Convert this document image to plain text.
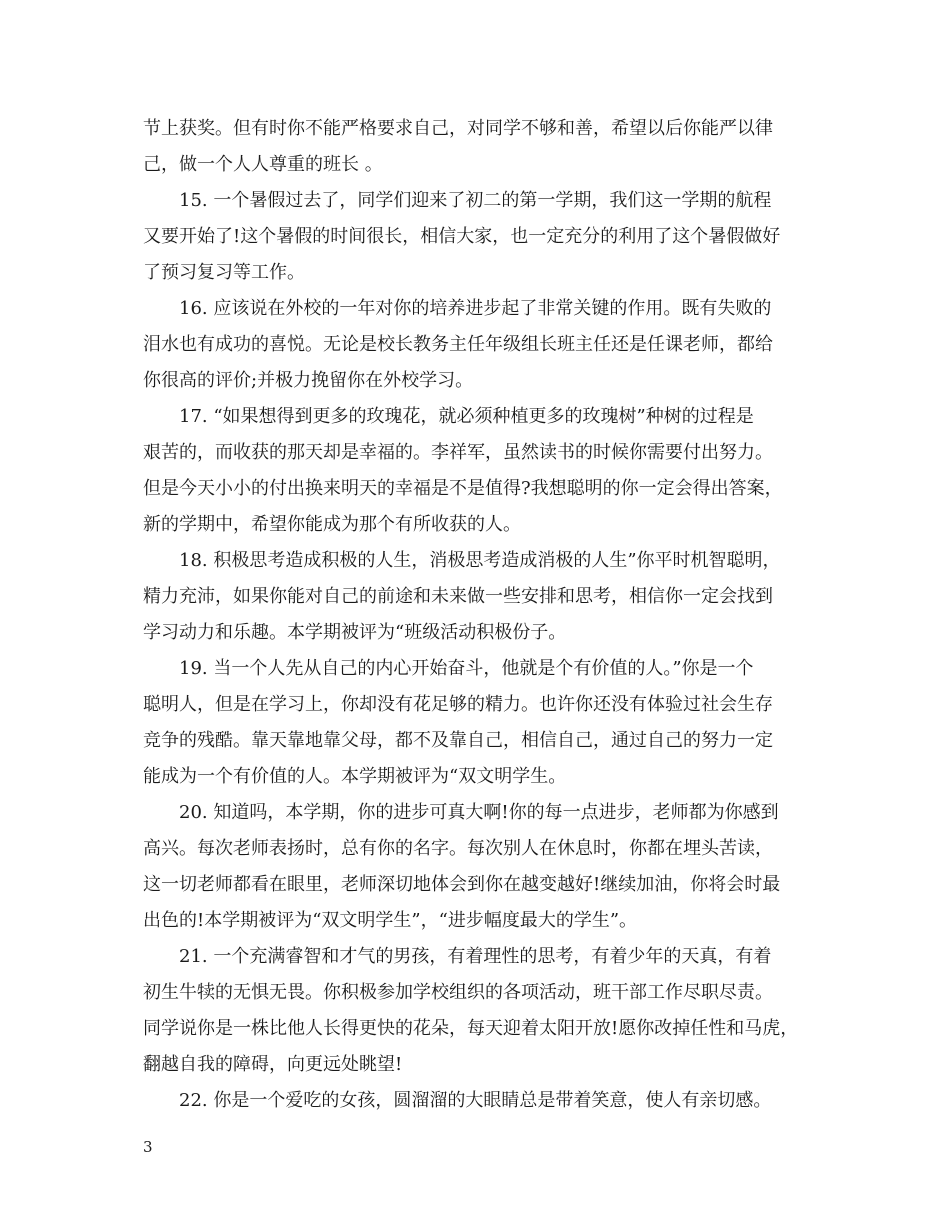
节上获奖。但有时你不能严格要求自己，对同学不够和善，希望以后你能严以律
己，做一个人人尊重的班长 。
　　15. 一个暑假过去了，同学们迎来了初二的第一学期，我们这一学期的航程
又要开始了!这个暑假的时间很长，相信大家，也一定充分的利用了这个暑假做好
了预习复习等工作。
　　16. 应该说在外校的一年对你的培养进步起了非常关键的作用。既有失败的
泪水也有成功的喜悦。无论是校长教务主任年级组长班主任还是任课老师，都给
你很高的评价;并极力挽留你在外校学习。
　　17. “如果想得到更多的玫瑰花，就必须种植更多的玫瑰树”种树的过程是
艰苦的，而收获的那天却是幸福的。李祥军，虽然读书的时候你需要付出努力。
但是今天小小的付出换来明天的幸福是不是值得?我想聪明的你一定会得出答案，
新的学期中，希望你能成为那个有所收获的人。
　　18. 积极思考造成积极的人生，消极思考造成消极的人生”你平时机智聪明，
精力充沛，如果你能对自己的前途和未来做一些安排和思考，相信你一定会找到
学习动力和乐趣。本学期被评为“班级活动积极份子。
　　19. 当一个人先从自己的内心开始奋斗，他就是个有价值的人。”你是一个
聪明人，但是在学习上，你却没有花足够的精力。也许你还没有体验过社会生存
竞争的残酷。靠天靠地靠父母，都不及靠自己，相信自己，通过自己的努力一定
能成为一个有价值的人。本学期被评为“双文明学生。
　　20. 知道吗，本学期，你的进步可真大啊!你的每一点进步，老师都为你感到
高兴。每次老师表扬时，总有你的名字。每次别人在休息时，你都在埋头苦读，
这一切老师都看在眼里，老师深切地体会到你在越变越好!继续加油，你将会时最
出色的!本学期被评为“双文明学生”，“进步幅度最大的学生”。
　　21. 一个充满睿智和才气的男孩，有着理性的思考，有着少年的天真，有着
初生牛犊的无惧无畏。你积极参加学校组织的各项活动，班干部工作尽职尽责。
同学说你是一株比他人长得更快的花朵，每天迎着太阳开放!愿你改掉任性和马虎，
翻越自我的障碍，向更远处眺望!
　　22. 你是一个爱吃的女孩，圆溜溜的大眼睛总是带着笑意，使人有亲切感。
3
